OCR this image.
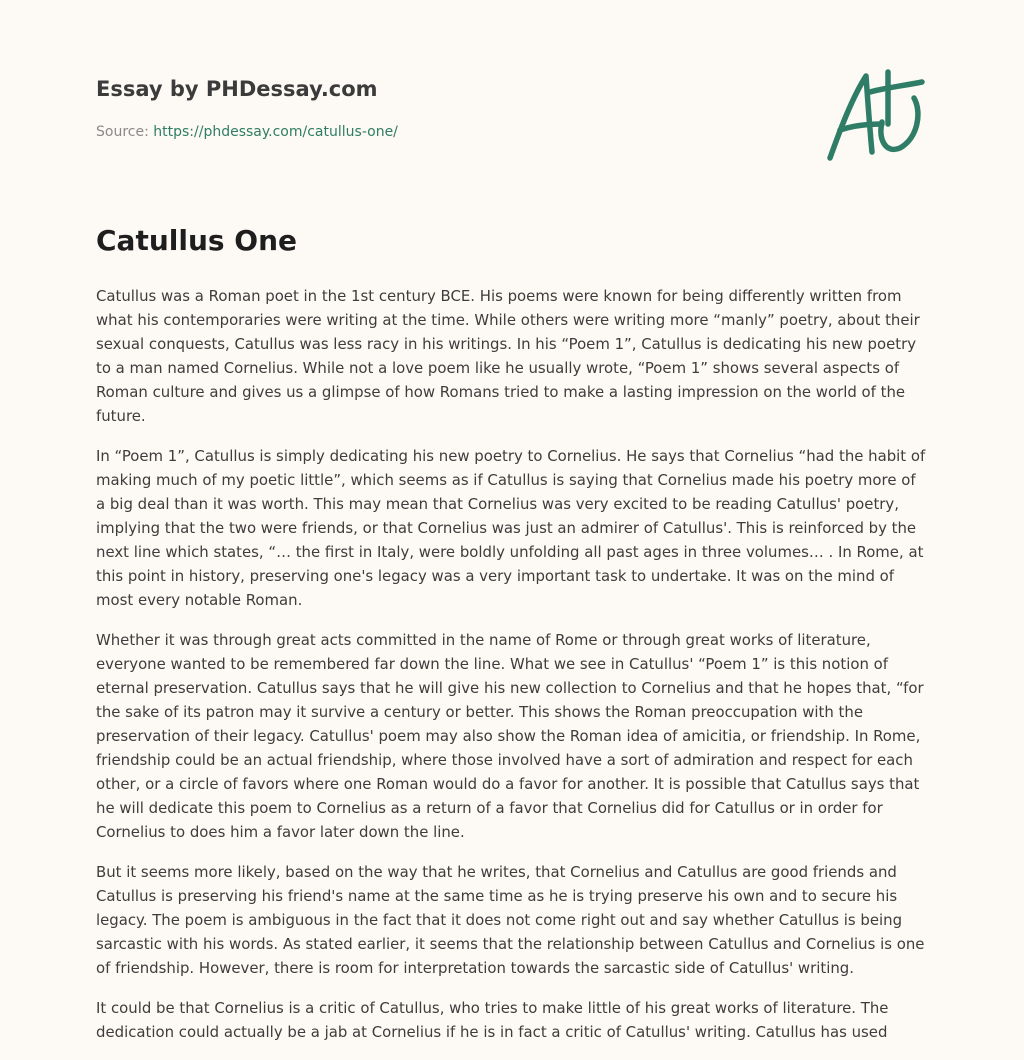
Essay by PHDessay.com
Source: https://phdessay.com/catullus-one/
Catullus One

Catullus was a Roman poet in the 1st century BCE. His poems were known for being differently written from what his contemporaries were writing at the time. While others were writing more “manly” poetry, about their sexual conquests, Catullus was less racy in his writings. In his “Poem 1”, Catullus is dedicating his new poetry to a man named Cornelius. While not a love poem like he usually wrote, “Poem 1” shows several aspects of Roman culture and gives us a glimpse of how Romans tried to make a lasting impression on the world of the future.

In “Poem 1”, Catullus is simply dedicating his new poetry to Cornelius. He says that Cornelius “had the habit of making much of my poetic little”, which seems as if Catullus is saying that Cornelius made his poetry more of a big deal than it was worth. This may mean that Cornelius was very excited to be reading Catullus' poetry, implying that the two were friends, or that Cornelius was just an admirer of Catullus'. This is reinforced by the next line which states, “… the first in Italy, were boldly unfolding all past ages in three volumes… . In Rome, at this point in history, preserving one's legacy was a very important task to undertake. It was on the mind of most every notable Roman.

Whether it was through great acts committed in the name of Rome or through great works of literature, everyone wanted to be remembered far down the line. What we see in Catullus' “Poem 1” is this notion of eternal preservation. Catullus says that he will give his new collection to Cornelius and that he hopes that, “for the sake of its patron may it survive a century or better. This shows the Roman preoccupation with the preservation of their legacy. Catullus' poem may also show the Roman idea of amicitia, or friendship. In Rome, friendship could be an actual friendship, where those involved have a sort of admiration and respect for each other, or a circle of favors where one Roman would do a favor for another. It is possible that Catullus says that he will dedicate this poem to Cornelius as a return of a favor that Cornelius did for Catullus or in order for Cornelius to does him a favor later down the line.

But it seems more likely, based on the way that he writes, that Cornelius and Catullus are good friends and Catullus is preserving his friend's name at the same time as he is trying preserve his own and to secure his legacy. The poem is ambiguous in the fact that it does not come right out and say whether Catullus is being sarcastic with his words. As stated earlier, it seems that the relationship between Catullus and Cornelius is one of friendship. However, there is room for interpretation towards the sarcastic side of Catullus' writing.

It could be that Cornelius is a critic of Catullus, who tries to make little of his great works of literature. The dedication could actually be a jab at Cornelius if he is in fact a critic of Catullus' writing. Catullus has used
